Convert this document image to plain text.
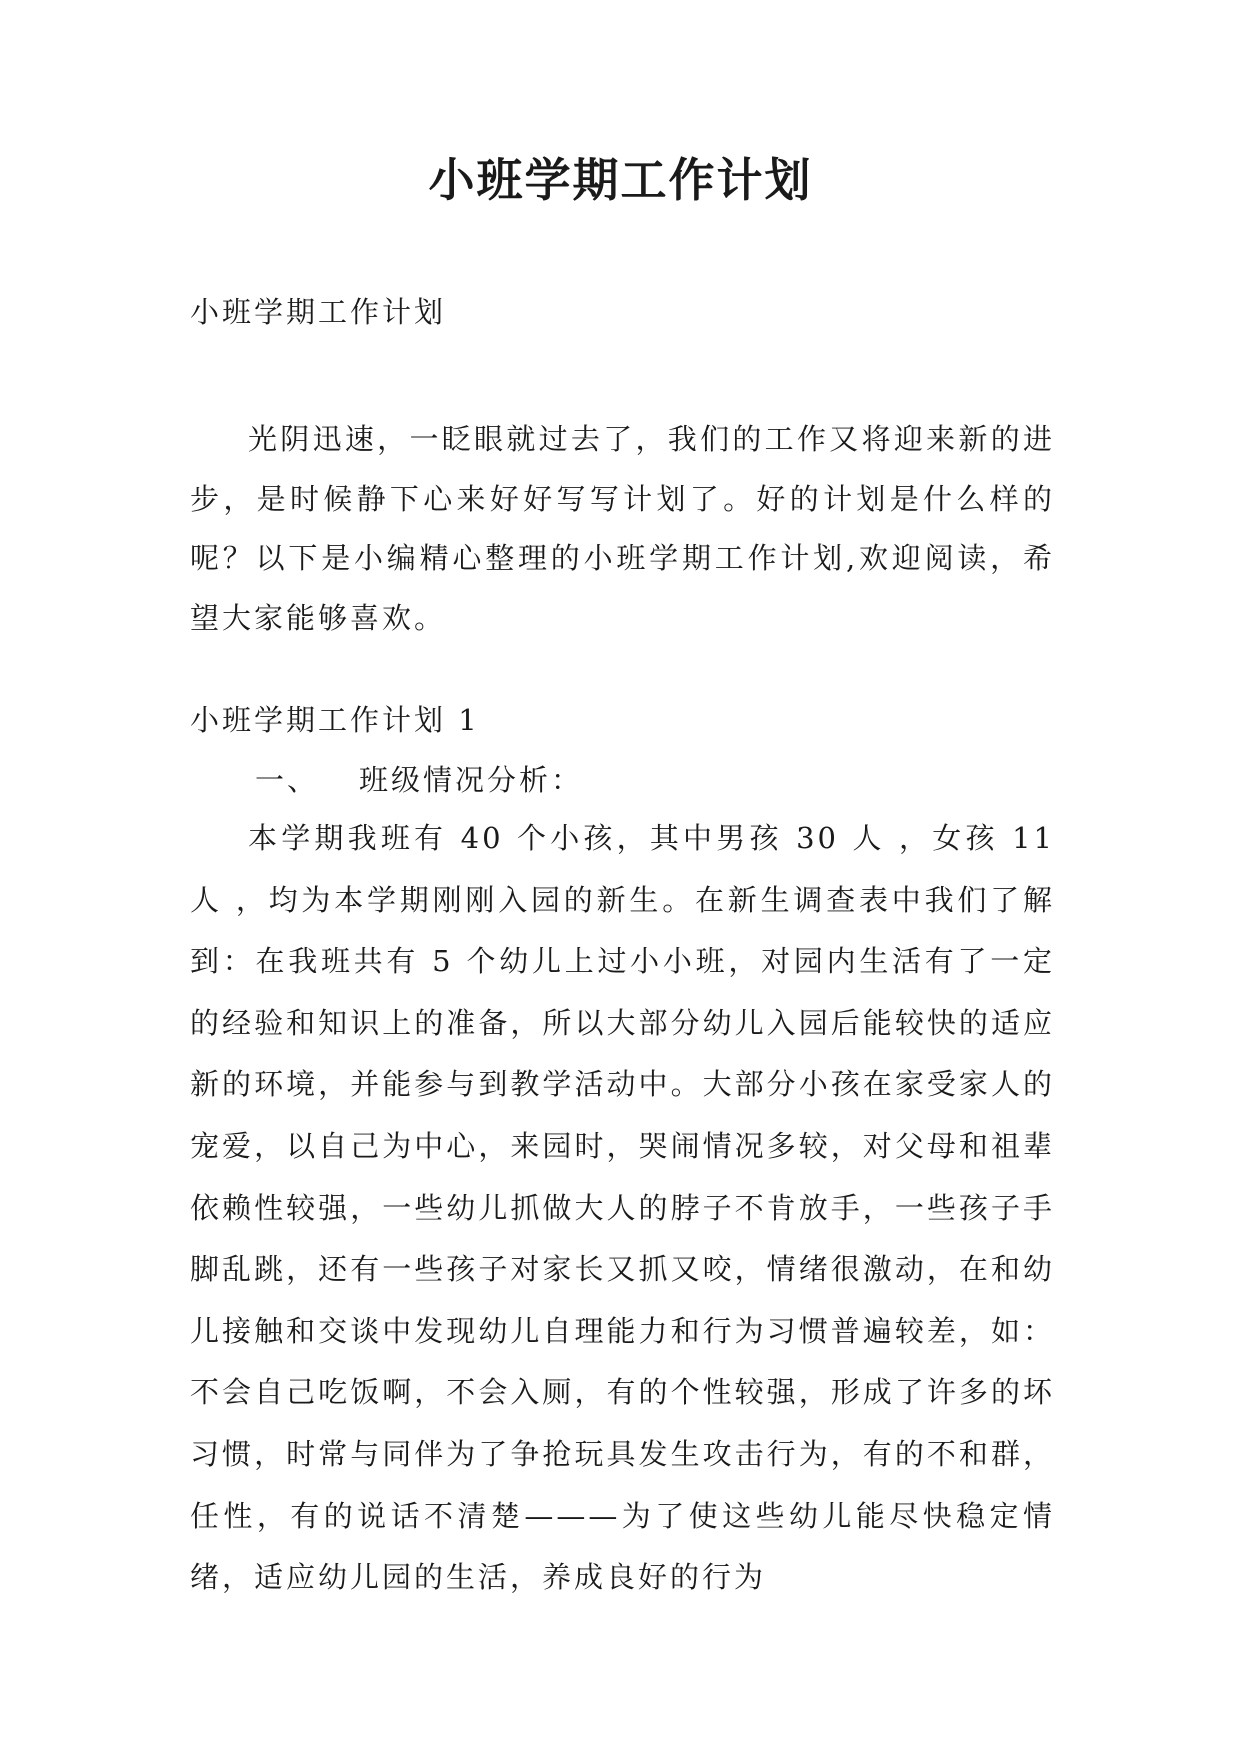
小班学期工作计划

小班学期工作计划

光阴迅速，一眨眼就过去了，我们的工作又将迎来新的进步，是时候静下心来好好写写计划了。好的计划是什么样的呢？以下是小编精心整理的小班学期工作计划,欢迎阅读，希望大家能够喜欢。

小班学期工作计划 1

一、 班级情况分析：

本学期我班有 40 个小孩，其中男孩 30 人 ，女孩 11 人 ，均为本学期刚刚入园的新生。在新生调查表中我们了解到：在我班共有 5 个幼儿上过小小班，对园内生活有了一定的经验和知识上的准备，所以大部分幼儿入园后能较快的适应新的环境，并能参与到教学活动中。大部分小孩在家受家人的宠爱，以自己为中心，来园时，哭闹情况多较，对父母和祖辈依赖性较强，一些幼儿抓做大人的脖子不肯放手，一些孩子手脚乱跳，还有一些孩子对家长又抓又咬，情绪很激动，在和幼儿接触和交谈中发现幼儿自理能力和行为习惯普遍较差，如：不会自己吃饭啊，不会入厕，有的个性较强，形成了许多的坏习惯，时常与同伴为了争抢玩具发生攻击行为，有的不和群，任性，有的说话不清楚———为了使这些幼儿能尽快稳定情绪，适应幼儿园的生活，养成良好的行为
